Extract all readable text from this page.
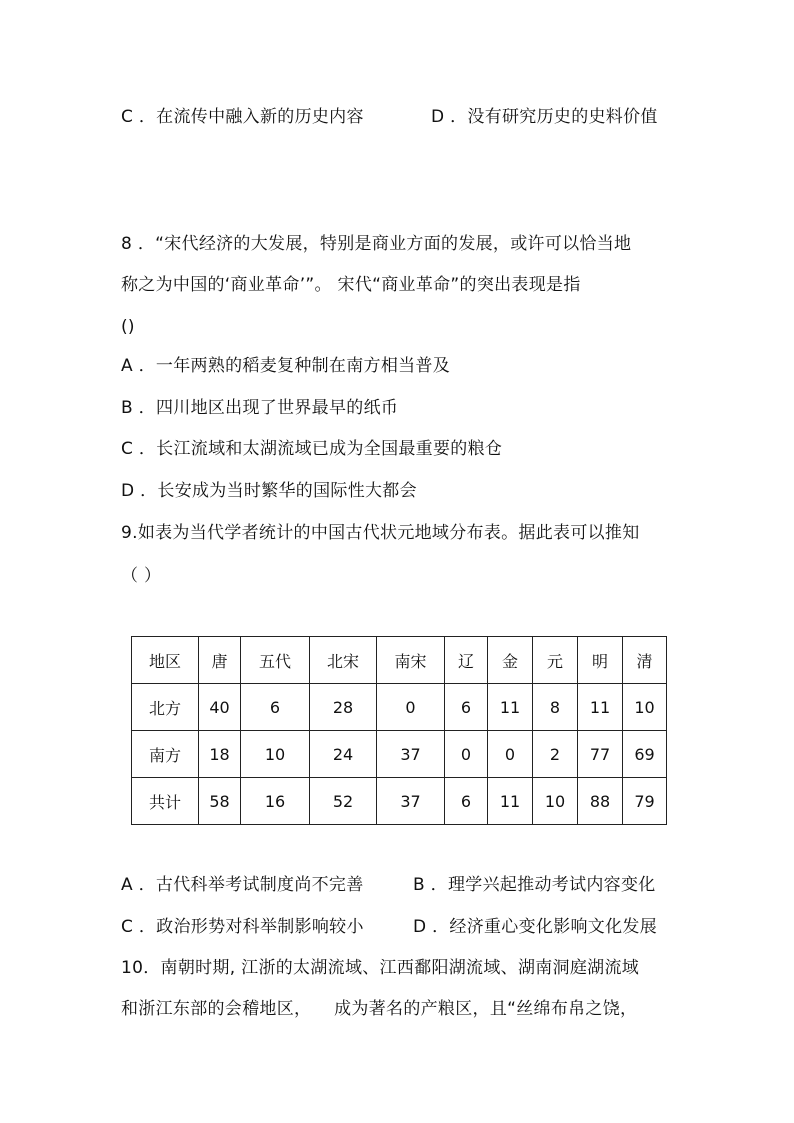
C ．在流传中融入新的历史内容	D ．没有研究历史的史料价值
8 ．“宋代经济的大发展，特别是商业方面的发展，或许可以恰当地
称之为中国的‘商业革命’”。 宋代“商业革命”的突出表现是指
()
A ．一年两熟的稻麦复种制在南方相当普及
B ．四川地区出现了世界最早的纸币
C ．长江流域和太湖流域已成为全国最重要的粮仓
D ．长安成为当时繁华的国际性大都会
9.如表为当代学者统计的中国古代状元地域分布表。据此表可以推知
（ ）
地区	唐	五代	北宋	南宋	辽	金	元	明	清
北方	40	6	28	0	6	11	8	11	10
南方	18	10	24	37	0	0	2	77	69
共计	58	16	52	37	6	11	10	88	79
A ．古代科举考试制度尚不完善	B ．理学兴起推动考试内容变化
C ．政治形势对科举制影响较小	D ．经济重心变化影响文化发展
10．南朝时期, 江浙的太湖流域、江西鄱阳湖流域、湖南洞庭湖流域
和浙江东部的会稽地区，    成为著名的产粮区，且“丝绵布帛之饶，
